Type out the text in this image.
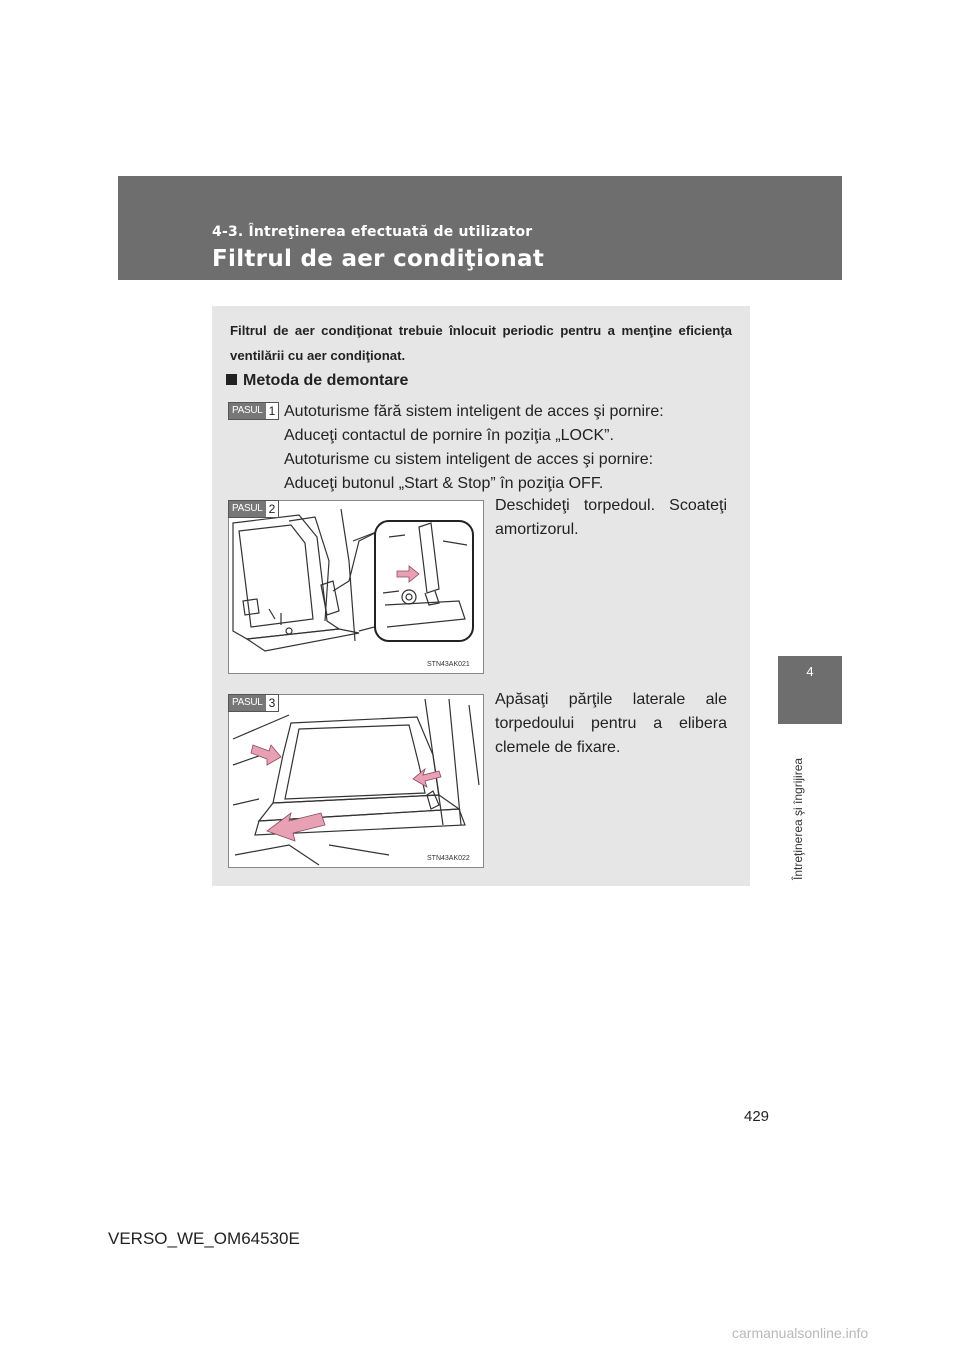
4-3. Întreţinerea efectuată de utilizator
Filtrul de aer condiţionat
4
Întreţinerea şi îngrijirea
Filtrul de aer condiţionat trebuie înlocuit periodic pentru a menţine eficienţa ventilării cu aer condiţionat.
Metoda de demontare
PASUL 1 Autoturisme fără sistem inteligent de acces şi pornire:
Aduceţi contactul de pornire în poziţia „LOCK”.
Autoturisme cu sistem inteligent de acces şi pornire:
Aduceţi butonul „Start & Stop” în poziţia OFF.
STN43AK021
PASUL 2	Deschideţi torpedoul. Scoateţi amortizorul.
STN43AK022
PASUL 3	Apăsaţi părţile laterale ale torpedoului pentru a elibera clemele de fixare.
429
VERSO_WE_OM64530E
carmanualsonline.info
